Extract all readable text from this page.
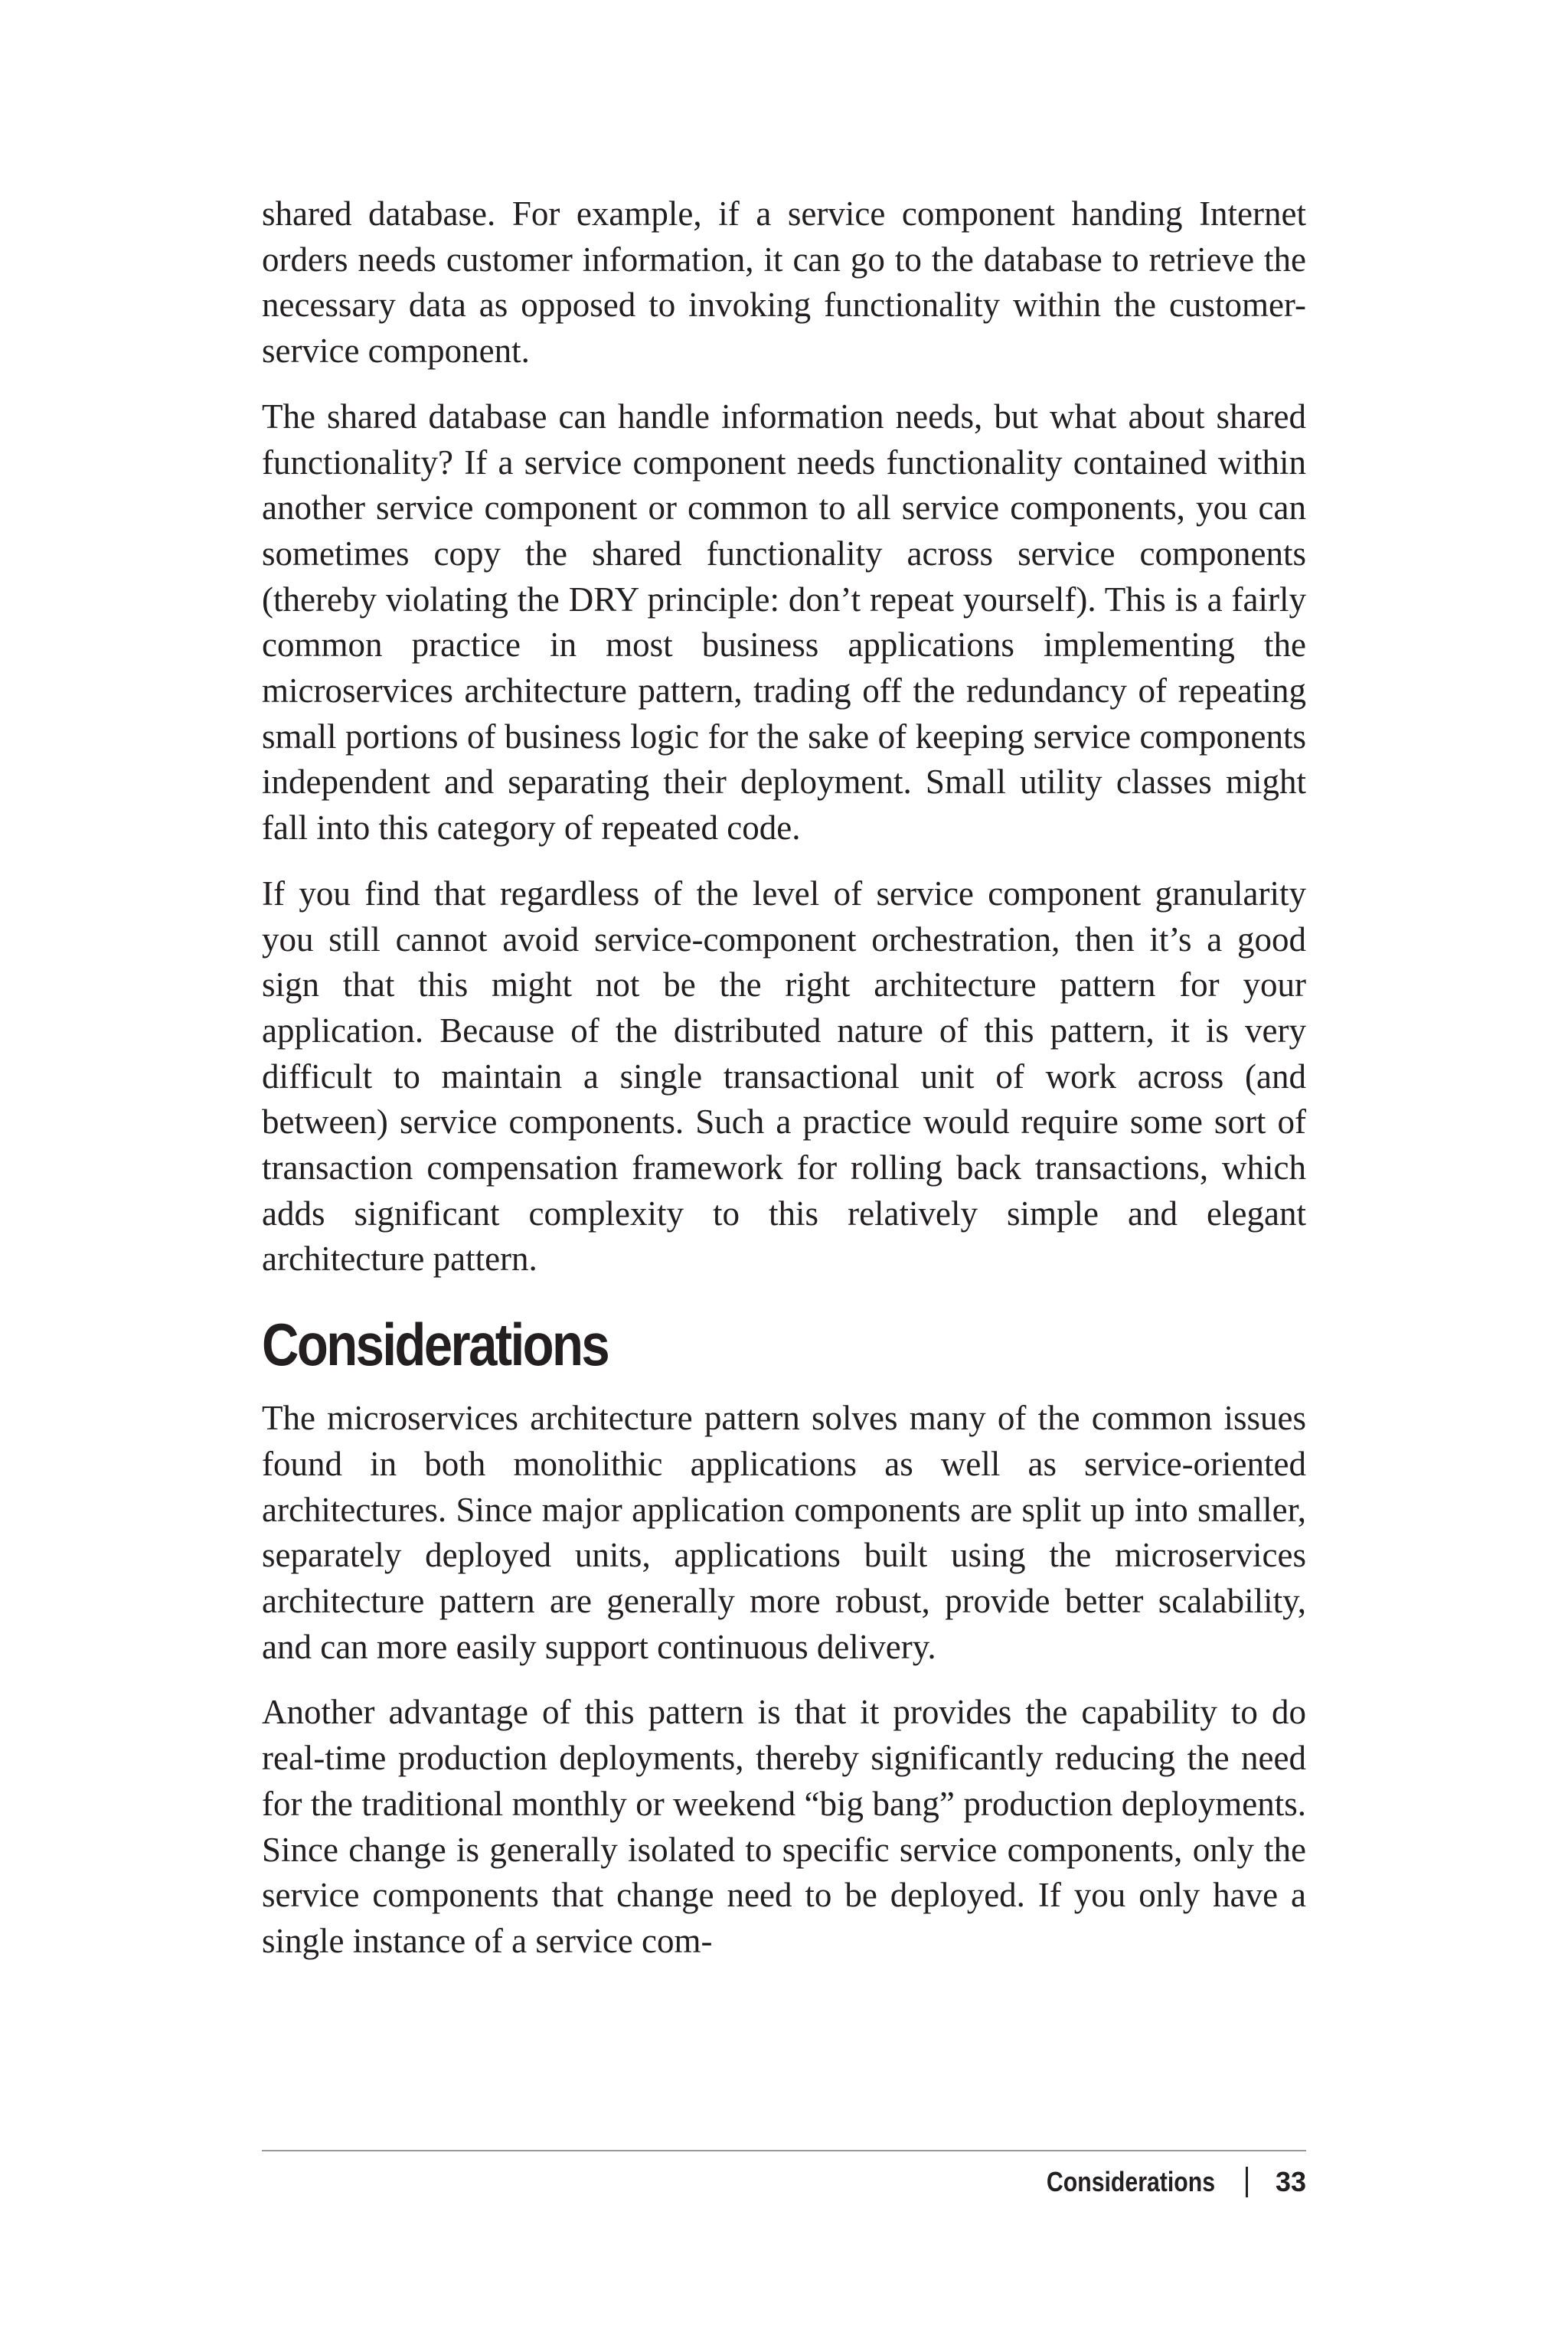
shared database. For example, if a service component handing Internet orders needs customer information, it can go to the database to retrieve the necessary data as opposed to invoking functionality within the customer-service component.

The shared database can handle information needs, but what about shared functionality? If a service component needs functionality contained within another service component or common to all service components, you can sometimes copy the shared functionality across service components (thereby violating the DRY principle: don’t repeat yourself). This is a fairly common practice in most business applications implementing the microservices architecture pattern, trading off the redundancy of repeating small portions of business logic for the sake of keeping service components independent and separating their deployment. Small utility classes might fall into this category of repeated code.

If you find that regardless of the level of service component granularity you still cannot avoid service-component orchestration, then it’s a good sign that this might not be the right architecture pattern for your application. Because of the distributed nature of this pattern, it is very difficult to maintain a single transactional unit of work across (and between) service components. Such a practice would require some sort of transaction compensation framework for rolling back transactions, which adds significant complexity to this relatively simple and elegant architecture pattern.

Considerations

The microservices architecture pattern solves many of the common issues found in both monolithic applications as well as service-oriented architectures. Since major application components are split up into smaller, separately deployed units, applications built using the microservices architecture pattern are generally more robust, provide better scalability, and can more easily support continuous delivery.

Another advantage of this pattern is that it provides the capability to do real-time production deployments, thereby significantly reducing the need for the traditional monthly or weekend “big bang” production deployments. Since change is generally isolated to specific service components, only the service components that change need to be deployed. If you only have a single instance of a service com-

Considerations 33
